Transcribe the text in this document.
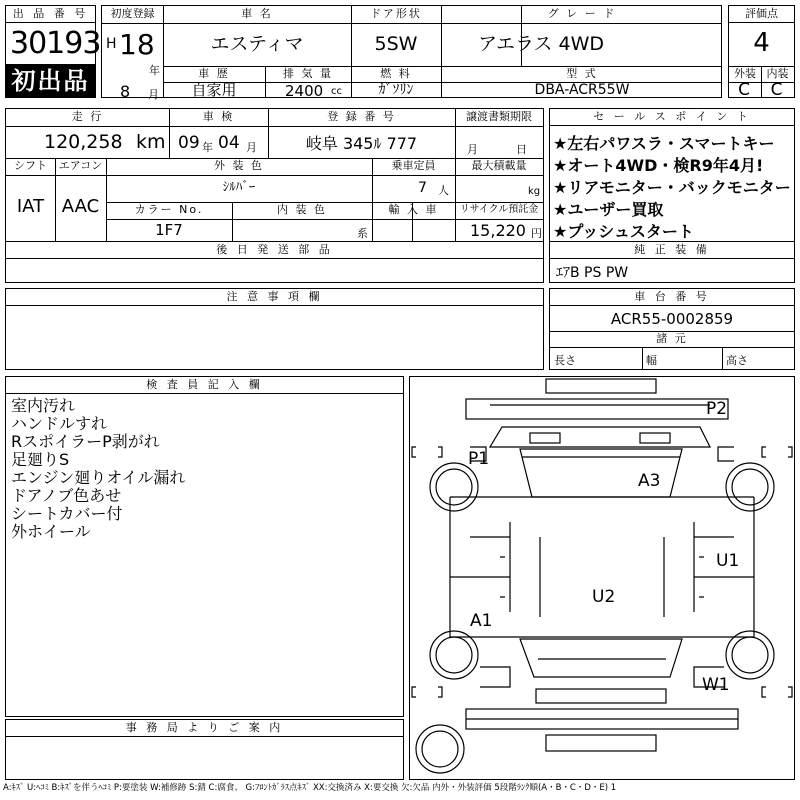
出 品 番 号
30193
初出品
初度登録
H 18
年
8 月
車 名
エスティマ
ドア形状
5SW
グ レ ー ド
アエラス 4WD
車 歴
自家用
排 気 量
2400 cc
燃 料
ｶﾞｿﾘﾝ
型 式
DBA-ACR55W
評価点
4
外装 内装
C	C
走 行
120,258 km
車 検
09 年 04 月
登 録 番 号
岐阜 345ﾙ 777
譲渡書類期限
月	日
シフト
IAT
エアコン
AAC
外 装 色
ｼﾙﾊﾞｰ
乗車定員
7 人
最大積載量
kg
カラー No.
1F7
内 装 色
系
輸 入 車	リサイクル預託金
15,220 円
セ ー ル ス ポ イ ン ト
★左右パワスラ・スマートキー
★オート4WD・検R9年4月!
★リアモニター・バックモニター
★ユーザー買取
★プッシュスタート
後 日 発 送 部 品	純 正 装 備
ｴｱB PS PW
注 意 事 項 欄	車 台 番 号
ACR55-0002859
諸 元
長さ	幅	高さ
検 査 員 記 入 欄
室内汚れ
ハンドルすれ
RスポイラーP剥がれ
足廻りS
エンジン廻りオイル漏れ
ドアノブ色あせ
シートカバー付
外ホイール
事 務 局 よ り ご 案 内
P2
P1
A3
U1
U2
A1
W1
A:ｷｽﾞ U:ﾍｺﾐ B:ｷｽﾞを伴うﾍｺﾐ P:要塗装 W:補修跡 S:錆 C:腐食、 G:ﾌﾛﾝﾄｶﾞﾗｽ点ｷｽﾞ XX:交換済み X:要交換 欠:欠品 内外・外装評価 5段階ﾗﾝｸ順(A・B・C・D・E) 1
